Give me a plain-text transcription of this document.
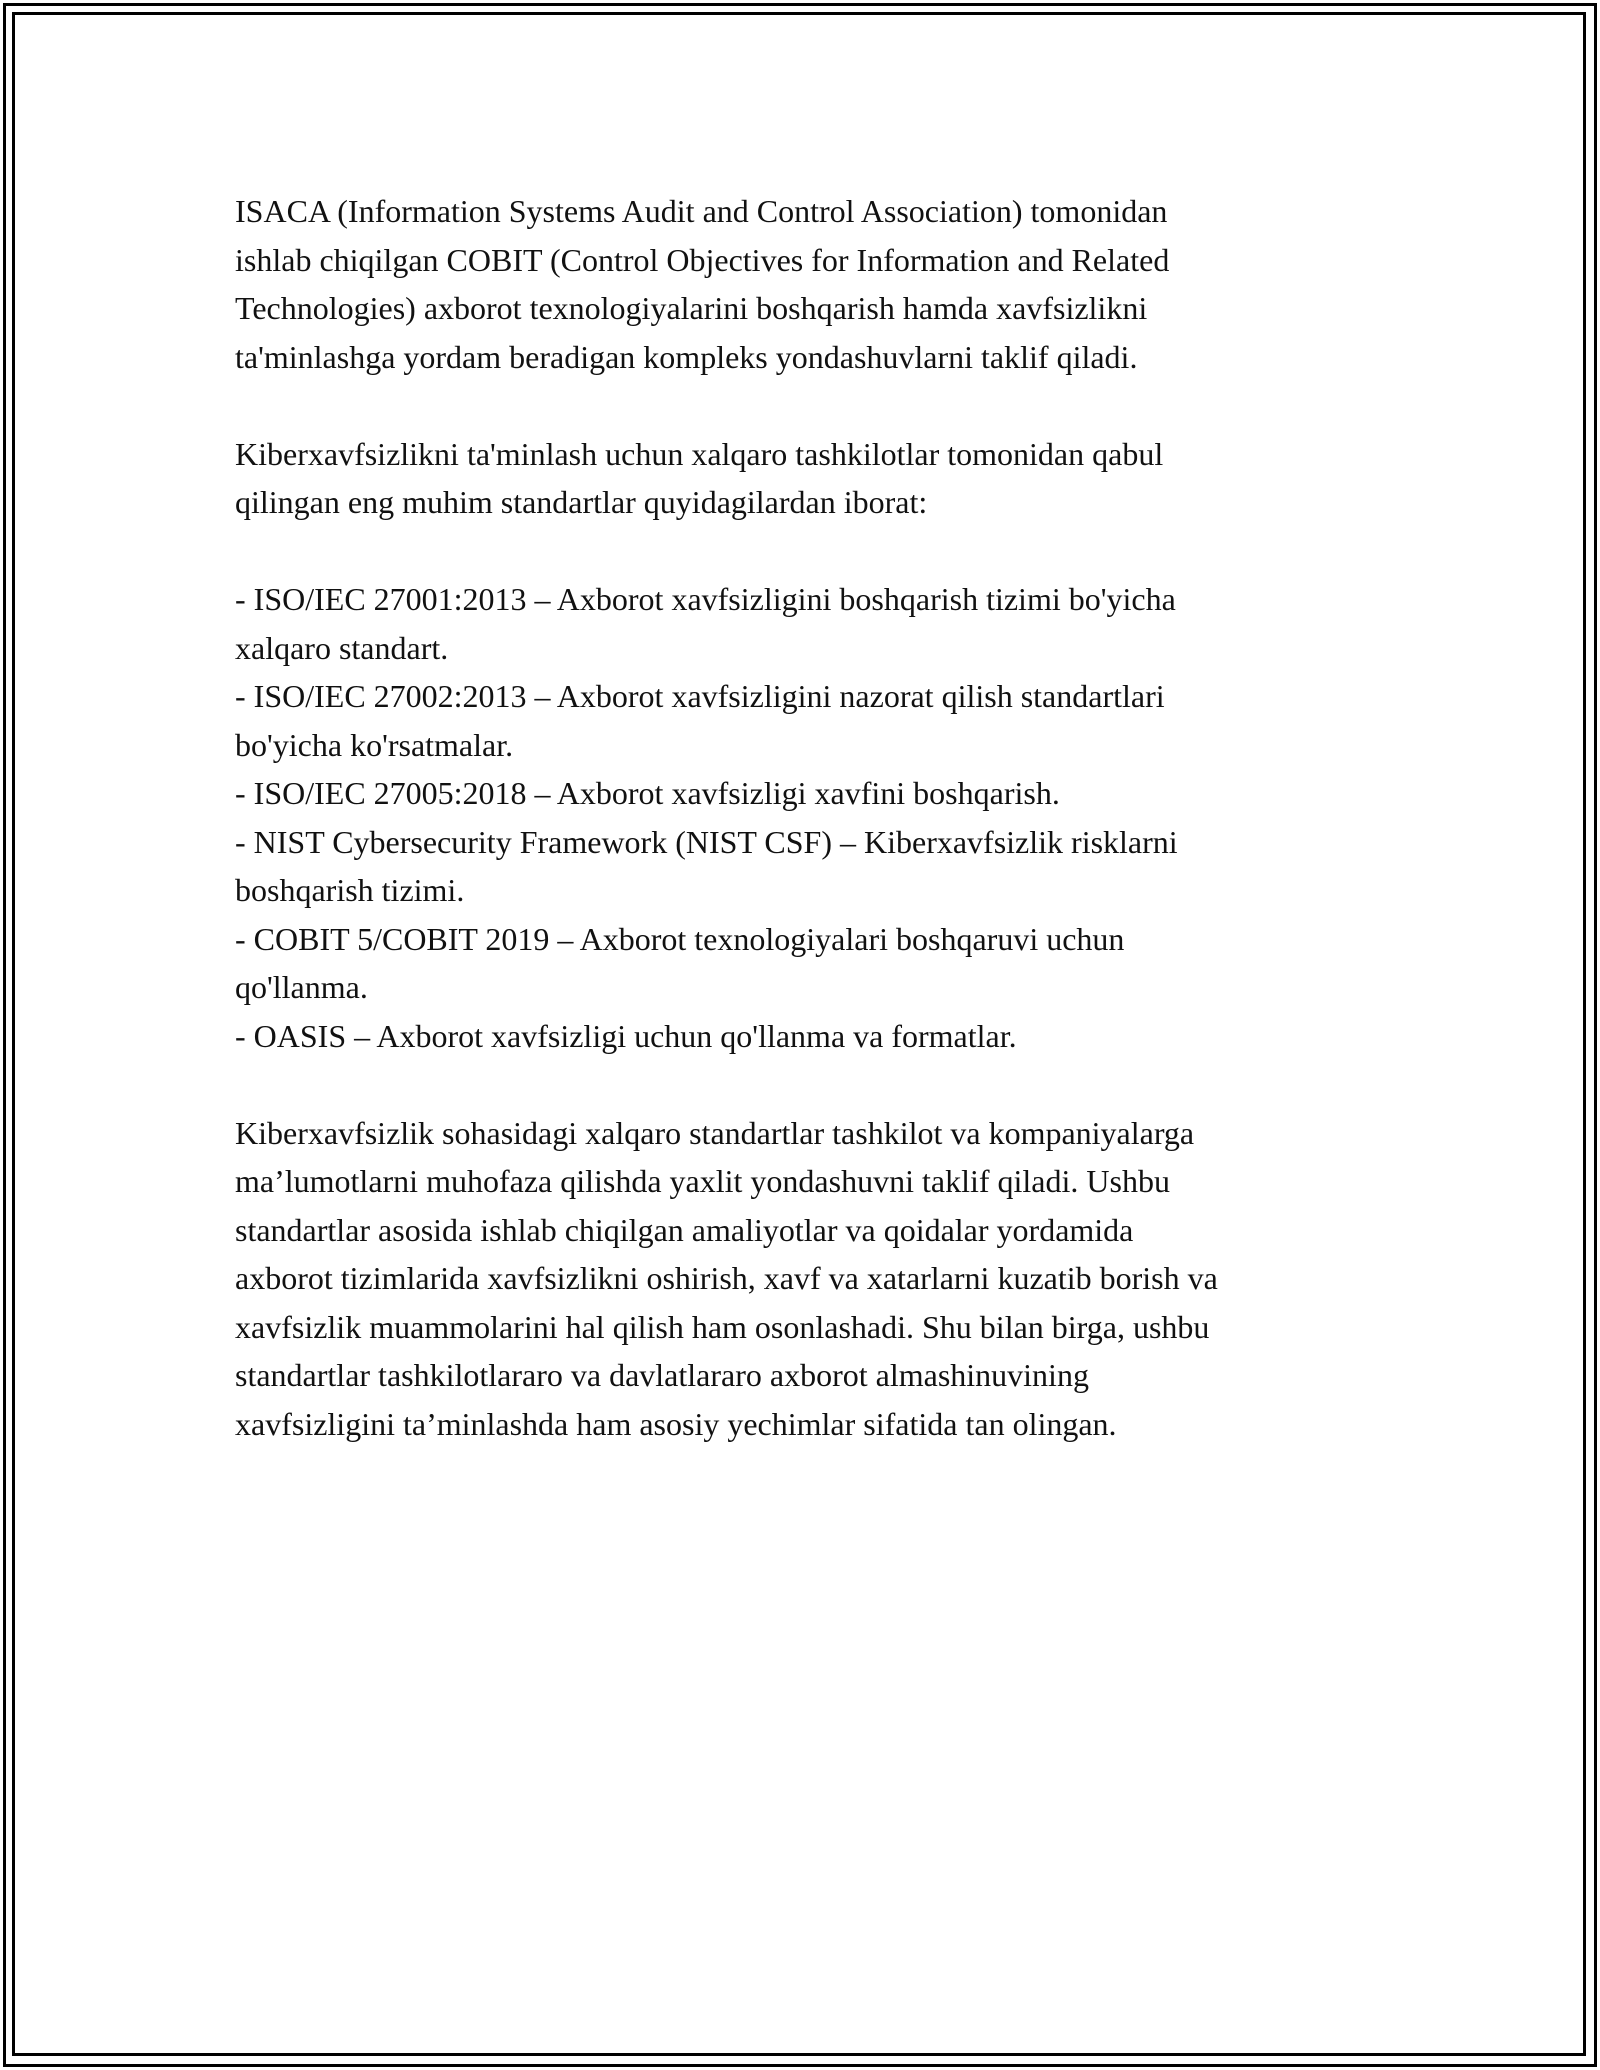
ISACA (Information Systems Audit and Control Association) tomonidan
ishlab chiqilgan COBIT (Control Objectives for Information and Related
Technologies) axborot texnologiyalarini boshqarish hamda xavfsizlikni
ta'minlashga yordam beradigan kompleks yondashuvlarni taklif qiladi.

Kiberxavfsizlikni ta'minlash uchun xalqaro tashkilotlar tomonidan qabul
qilingan eng muhim standartlar quyidagilardan iborat:

- ISO/IEC 27001:2013 – Axborot xavfsizligini boshqarish tizimi bo'yicha
xalqaro standart.
- ISO/IEC 27002:2013 – Axborot xavfsizligini nazorat qilish standartlari
bo'yicha ko'rsatmalar.
- ISO/IEC 27005:2018 – Axborot xavfsizligi xavfini boshqarish.
- NIST Cybersecurity Framework (NIST CSF) – Kiberxavfsizlik risklarni
boshqarish tizimi.
- COBIT 5/COBIT 2019 – Axborot texnologiyalari boshqaruvi uchun
qo'llanma.
- OASIS – Axborot xavfsizligi uchun qo'llanma va formatlar.

Kiberxavfsizlik sohasidagi xalqaro standartlar tashkilot va kompaniyalarga
ma’lumotlarni muhofaza qilishda yaxlit yondashuvni taklif qiladi. Ushbu
standartlar asosida ishlab chiqilgan amaliyotlar va qoidalar yordamida
axborot tizimlarida xavfsizlikni oshirish, xavf va xatarlarni kuzatib borish va
xavfsizlik muammolarini hal qilish ham osonlashadi. Shu bilan birga, ushbu
standartlar tashkilotlararo va davlatlararo axborot almashinuvining
xavfsizligini ta’minlashda ham asosiy yechimlar sifatida tan olingan.
